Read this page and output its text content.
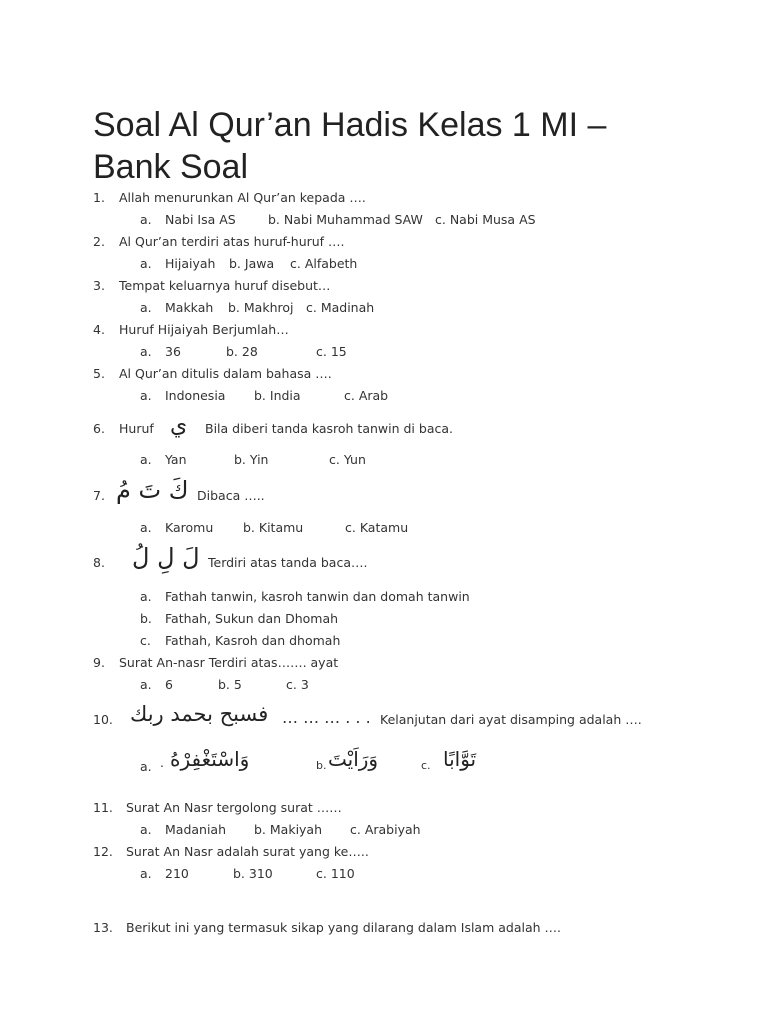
Soal Al Qur’an Hadis Kelas 1 MI – Bank Soal
1. Allah menurunkan Al Qur’an kepada ….
a. Nabi Isa AS	b. Nabi Muhammad SAW c. Nabi Musa AS
2. Al Qur’an terdiri atas huruf-huruf ….
a. Hijaiyah b. Jawa c. Alfabeth
3. Tempat keluarnya huruf disebut…
a. Makkah b. Makhroj c. Madinah
4. Huruf Hijaiyah Berjumlah…
a. 36	b. 28	c. 15
5. Al Qur’an ditulis dalam bahasa ….
a. Indonesia b. India	c. Arab
6. Huruf ي Bila diberi tanda kasroh tanwin di baca.
a. Yan	b. Yin	c. Yun
7. كَ تَ مُ Dibaca …..
a. Karomu b. Kitamu	c. Katamu
8. لَ لِ لُ Terdiri atas tanda baca….
a. Fathah tanwin, kasroh tanwin dan domah tanwin
b. Fathah, Sukun dan Dhomah
c. Fathah, Kasroh dan dhomah
9. Surat An-nasr Terdiri atas……. ayat
a. 6	b. 5	c. 3
10. فسبح بحمد ربك … … … . . . Kelanjutan dari ayat disamping adalah ….
a. . وَاسْتَغْفِرْهُ	b. وَرَاَيْتَ	c. تَوَّابًا
11. Surat An Nasr tergolong surat ……
a. Madaniah b. Makiyah c. Arabiyah
12. Surat An Nasr adalah surat yang ke…..
a. 210	b. 310	c. 110
13. Berikut ini yang termasuk sikap yang dilarang dalam Islam adalah ….
